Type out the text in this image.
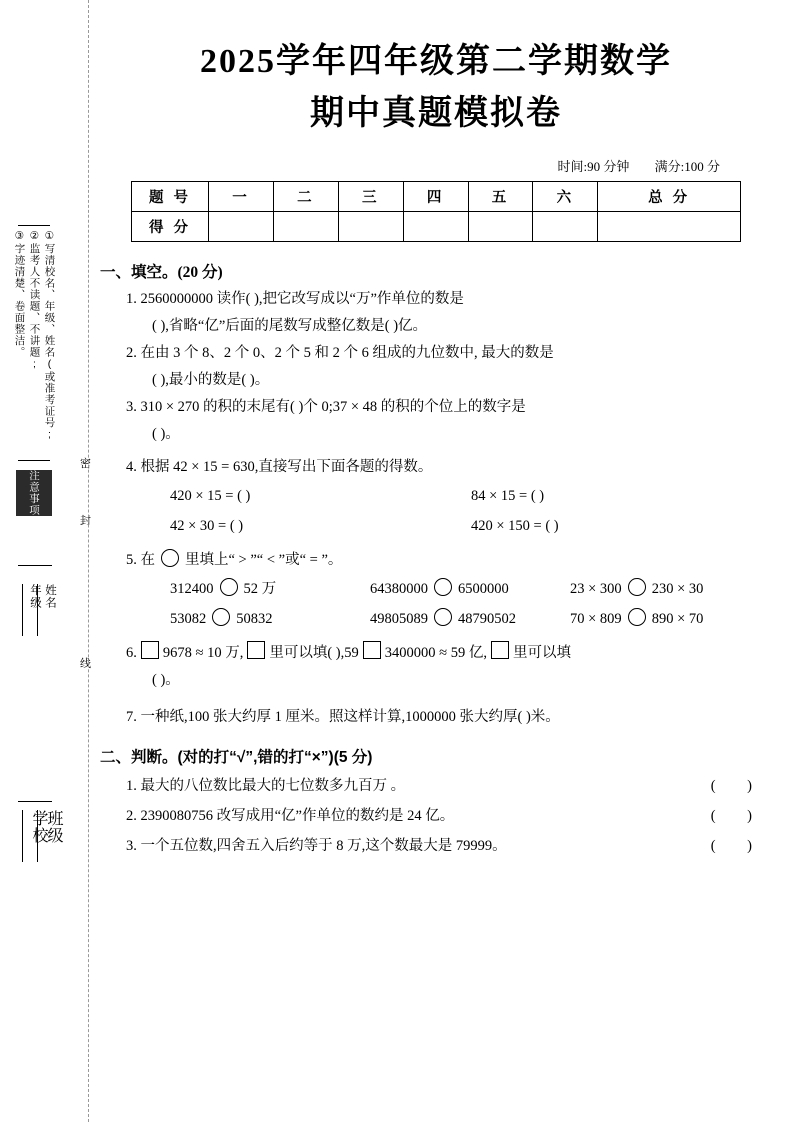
①写清校名、年级、姓名(或准考证号;
②监考人不读题、不讲题;
③字迹清楚、卷面整洁。
注意事项
密
封
线
年级 姓名
学校
班级
2025学年四年级第二学期数学
期中真题模拟卷
时间:90 分钟 满分:100 分
题 号	一	二	三	四	五	六	总 分
得 分							
一、填空。(20 分)
1. 2560000000 读作( ),把它改写成以“万”作单位的数是
( ),省略“亿”后面的尾数写成整亿数是( )亿。
2. 在由 3 个 8、2 个 0、2 个 5 和 2 个 6 组成的九位数中, 最大的数是
( ),最小的数是( )。
3. 310 × 270 的积的末尾有( )个 0;37 × 48 的积的个位上的数字是
( )。
4. 根据 42 × 15 = 630,直接写出下面各题的得数。
420 × 15 = ( )	84 × 15 = ( )
42 × 30 = ( )	420 × 150 = ( )
5. 在 里填上“ > ”“ < ”或“ = ”。
312400 52 万	64380000 6500000	23 × 300 230 × 30
53082 50832	49805089 48790502	70 × 809 890 × 70
6. 9678 ≈ 10 万, 里可以填( ),59 3400000 ≈ 59 亿, 里可以填
( )。
7. 一种纸,100 张大约厚 1 厘米。照这样计算,1000000 张大约厚( )米。
二、判断。(对的打“√”,错的打“×”)(5 分)
1. 最大的八位数比最大的七位数多九百万 。	( )
2. 2390080756 改写成用“亿”作单位的数约是 24 亿。	( )
3. 一个五位数,四舍五入后约等于 8 万,这个数最大是 79999。	( )
